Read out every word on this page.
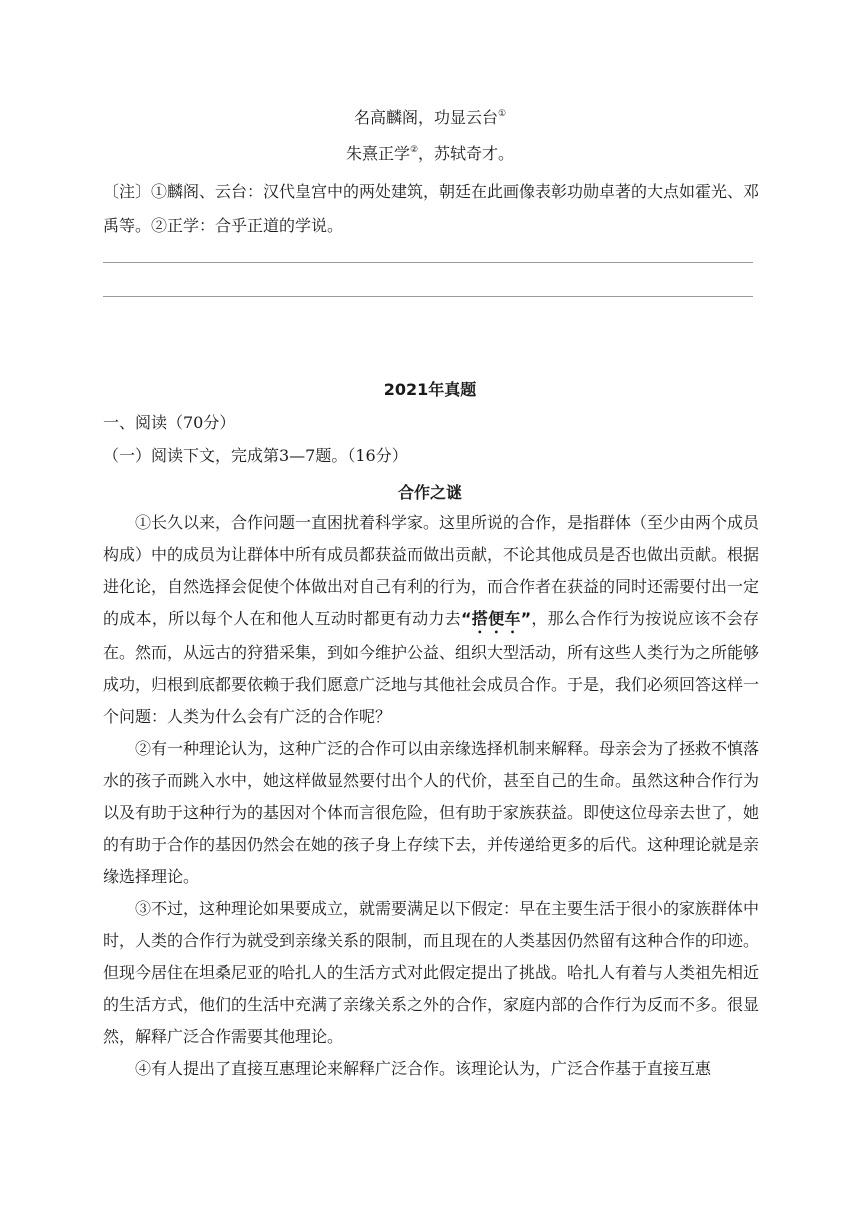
名高麟阁，功显云台①
朱熹正学②，苏轼奇才。
〔注〕①麟阁、云台：汉代皇宫中的两处建筑，朝廷在此画像表彰功勋卓著的大点如霍光、邓禹等。②正学：合乎正道的学说。
2021年真题
一、阅读（70分）
（一）阅读下文，完成第3—7题。（16分）
合作之谜

①长久以来，合作问题一直困扰着科学家。这里所说的合作，是指群体（至少由两个成员构成）中的成员为让群体中所有成员都获益而做出贡献，不论其他成员是否也做出贡献。根据进化论，自然选择会促使个体做出对自己有利的行为，而合作者在获益的同时还需要付出一定的成本，所以每个人在和他人互动时都更有动力去“搭便车”，那么合作行为按说应该不会存在。然而，从远古的狩猎采集，到如今维护公益、组织大型活动，所有这些人类行为之所能够成功，归根到底都要依赖于我们愿意广泛地与其他社会成员合作。于是，我们必须回答这样一个问题：人类为什么会有广泛的合作呢？

②有一种理论认为，这种广泛的合作可以由亲缘选择机制来解释。母亲会为了拯救不慎落水的孩子而跳入水中，她这样做显然要付出个人的代价，甚至自己的生命。虽然这种合作行为以及有助于这种行为的基因对个体而言很危险，但有助于家族获益。即使这位母亲去世了，她的有助于合作的基因仍然会在她的孩子身上存续下去，并传递给更多的后代。这种理论就是亲缘选择理论。

③不过，这种理论如果要成立，就需要满足以下假定：早在主要生活于很小的家族群体中时，人类的合作行为就受到亲缘关系的限制，而且现在的人类基因仍然留有这种合作的印迹。但现今居住在坦桑尼亚的哈扎人的生活方式对此假定提出了挑战。哈扎人有着与人类祖先相近的生活方式，他们的生活中充满了亲缘关系之外的合作，家庭内部的合作行为反而不多。很显然，解释广泛合作需要其他理论。

④有人提出了直接互惠理论来解释广泛合作。该理论认为，广泛合作基于直接互惠
